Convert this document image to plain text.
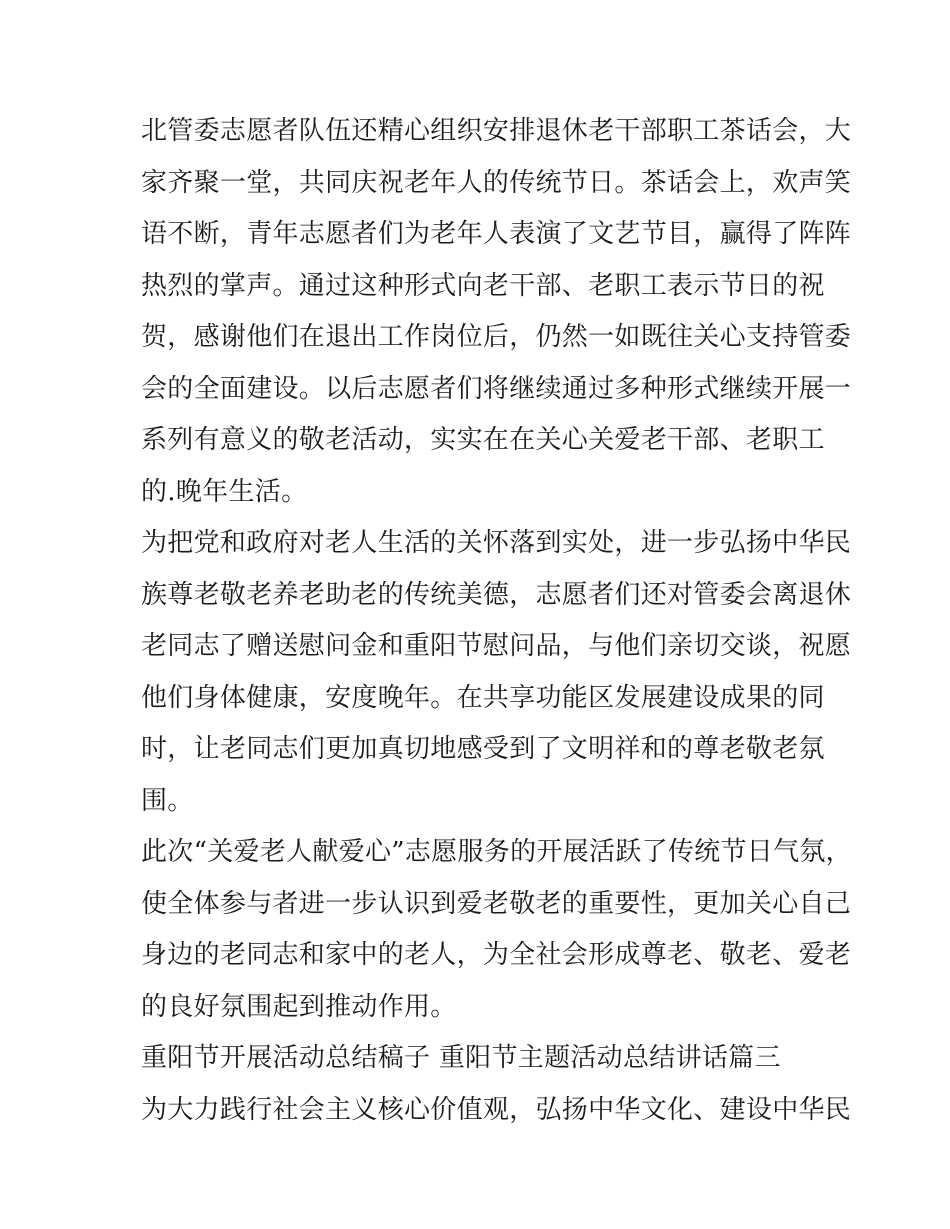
北管委志愿者队伍还精心组织安排退休老干部职工茶话会，大
家齐聚一堂，共同庆祝老年人的传统节日。茶话会上，欢声笑
语不断，青年志愿者们为老年人表演了文艺节目，赢得了阵阵
热烈的掌声。通过这种形式向老干部、老职工表示节日的祝
贺，感谢他们在退出工作岗位后，仍然一如既往关心支持管委
会的全面建设。以后志愿者们将继续通过多种形式继续开展一
系列有意义的敬老活动，实实在在关心关爱老干部、老职工
的.晚年生活。
为把党和政府对老人生活的关怀落到实处，进一步弘扬中华民
族尊老敬老养老助老的传统美德，志愿者们还对管委会离退休
老同志了赠送慰问金和重阳节慰问品，与他们亲切交谈，祝愿
他们身体健康，安度晚年。在共享功能区发展建设成果的同
时，让老同志们更加真切地感受到了文明祥和的尊老敬老氛
围。
此次“关爱老人献爱心”志愿服务的开展活跃了传统节日气氛，
使全体参与者进一步认识到爱老敬老的重要性，更加关心自己
身边的老同志和家中的老人，为全社会形成尊老、敬老、爱老
的良好氛围起到推动作用。
重阳节开展活动总结稿子 重阳节主题活动总结讲话篇三
为大力践行社会主义核心价值观，弘扬中华文化、建设中华民
